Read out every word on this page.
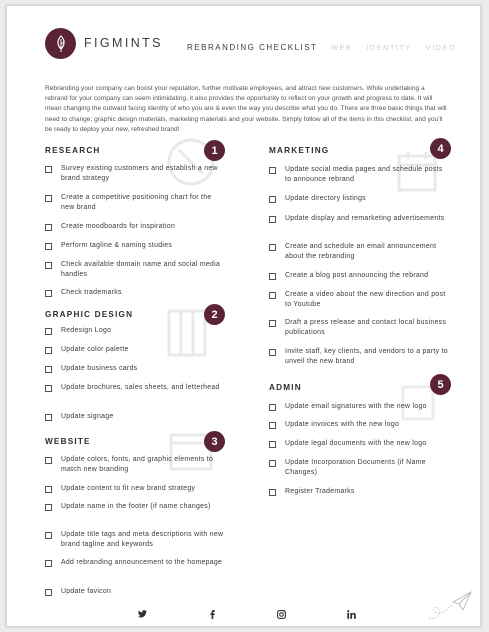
FIGMINTS	REBRANDING CHECKLIST WEB IDENTITY VIDEO
Rebranding your company can boost your reputation, further motivate employees, and attract new customers. While undertaking a rebrand for your company can seem intimidating, it also provides the opportunity to reflect on your growth and progress to date. It will mean changing the outward facing identity of who you are & even the way you describe what you do. There are three basic things that will need to change; graphic design materials, marketing materials and your website. Simply follow all of the items in this checklist, and you'll be ready to deploy your new, refreshed brand!
RESEARCH	1
Survey existing customers and establish a new brand strategy
Create a competitive positioning chart for the new brand
Create moodboards for inspiration
Perform tagline & naming studies
Check available domain name and social media handles
Check trademarks
GRAPHIC DESIGN	2
Redesign Logo
Update color palette
Update business cards
Update brochures, sales sheets, and letterhead
Update signage
WEBSITE	3
Update colors, fonts, and graphic elements to match new branding
Update content to fit new brand strategy
Update name in the footer (if name changes)
Update title tags and meta descriptions with new brand tagline and keywords
Add rebranding announcement to the homepage
Update favicon
MARKETING	4
Update social media pages and schedule posts to announce rebrand
Update directory listings
Update display and remarketing advertisements
Create and schedule an email announcement about the rebranding
Create a blog post announcing the rebrand
Create a video about the new direction and post to Youtube
Draft a press release and contact local business publications
Invite staff, key clients, and vendors to a party to unveil the new brand
ADMIN	5
Update email signatures with the new logo
Update invoices with the new logo
Update legal documents with the new logo
Update Incorporation Documents (if Name Changes)
Register Trademarks
